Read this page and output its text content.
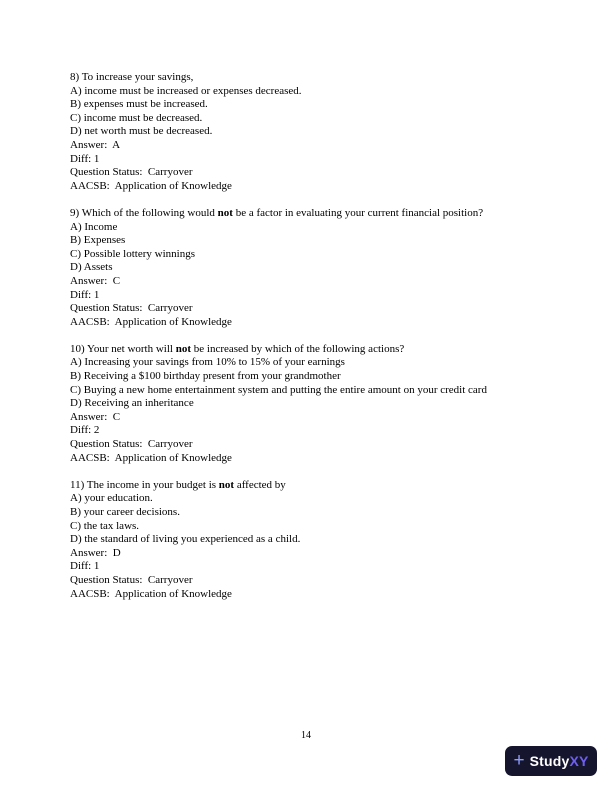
8) To increase your savings,
A) income must be increased or expenses decreased.
B) expenses must be increased.
C) income must be decreased.
D) net worth must be decreased.
Answer:  A
Diff: 1
Question Status:  Carryover
AACSB:  Application of Knowledge
9) Which of the following would not be a factor in evaluating your current financial position?
A) Income
B) Expenses
C) Possible lottery winnings
D) Assets
Answer:  C
Diff: 1
Question Status:  Carryover
AACSB:  Application of Knowledge
10) Your net worth will not be increased by which of the following actions?
A) Increasing your savings from 10% to 15% of your earnings
B) Receiving a $100 birthday present from your grandmother
C) Buying a new home entertainment system and putting the entire amount on your credit card
D) Receiving an inheritance
Answer:  C
Diff: 2
Question Status:  Carryover
AACSB:  Application of Knowledge
11) The income in your budget is not affected by
A) your education.
B) your career decisions.
C) the tax laws.
D) the standard of living you experienced as a child.
Answer:  D
Diff: 1
Question Status:  Carryover
AACSB:  Application of Knowledge
14
+ StudyXY
